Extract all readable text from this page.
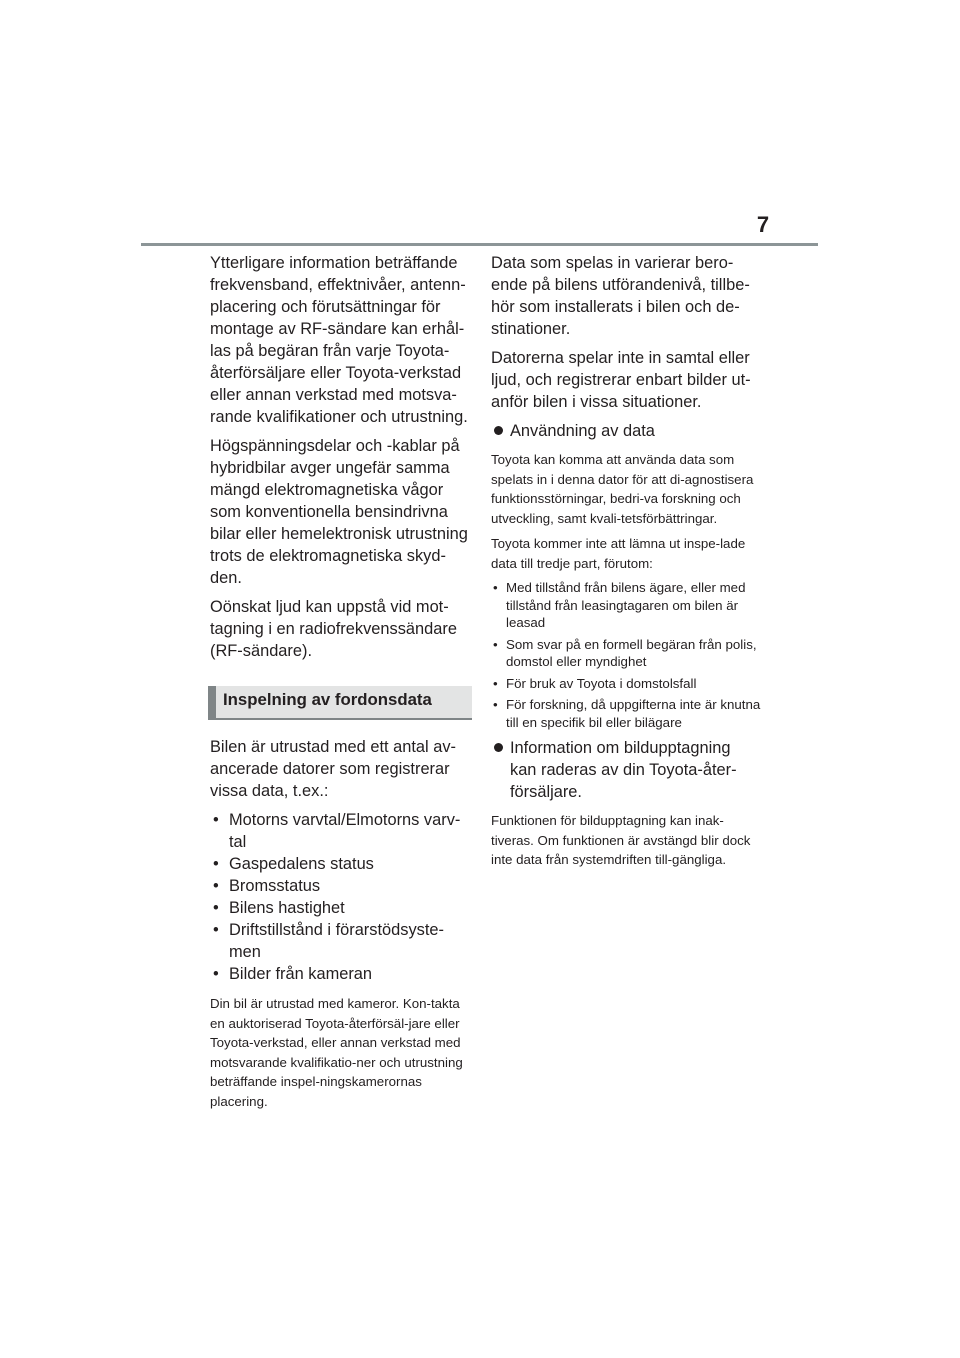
7

Ytterligare information beträffande frekvensband, effektnivåer, antenn-placering och förutsättningar för montage av RF-sändare kan erhål-las på begäran från varje Toyota-återförsäljare eller Toyota-verkstad eller annan verkstad med motsva-rande kvalifikationer och utrustning.

Högspänningsdelar och -kablar på hybridbilar avger ungefär samma mängd elektromagnetiska vågor som konventionella bensindrivna bilar eller hemelektronisk utrustning trots de elektromagnetiska skyd-den.

Oönskat ljud kan uppstå vid mot-tagning i en radiofrekvenssändare (RF-sändare).

Inspelning av fordonsdata

Bilen är utrustad med ett antal av-ancerade datorer som registrerar vissa data, t.ex.:

• Motorns varvtal/Elmotorns varv-tal
• Gaspedalens status
• Bromsstatus
• Bilens hastighet
• Driftstillstånd i förarstödsyste-men
• Bilder från kameran

Din bil är utrustad med kameror. Kon-takta en auktoriserad Toyota-återförsäl-jare eller Toyota-verkstad, eller annan verkstad med motsvarande kvalifikatio-ner och utrustning beträffande inspel-ningskamerornas placering.

Data som spelas in varierar bero-ende på bilens utförandenivå, tillbe-hör som installerats i bilen och de-stinationer.

Datorerna spelar inte in samtal eller ljud, och registrerar enbart bilder ut-anför bilen i vissa situationer.

Användning av data

Toyota kan komma att använda data som spelats in i denna dator för att di-agnostisera funktionsstörningar, bedri-va forskning och utveckling, samt kvali-tetsförbättringar.

Toyota kommer inte att lämna ut inspe-lade data till tredje part, förutom:

• Med tillstånd från bilens ägare, eller med tillstånd från leasingtagaren om bilen är leasad
• Som svar på en formell begäran från polis, domstol eller myndighet
• För bruk av Toyota i domstolsfall
• För forskning, då uppgifterna inte är knutna till en specifik bil eller bilägare
Information om bildupptagning kan raderas av din Toyota-åter-försäljare.

Funktionen för bildupptagning kan inak-tiveras. Om funktionen är avstängd blir dock inte data från systemdriften till-gängliga.
